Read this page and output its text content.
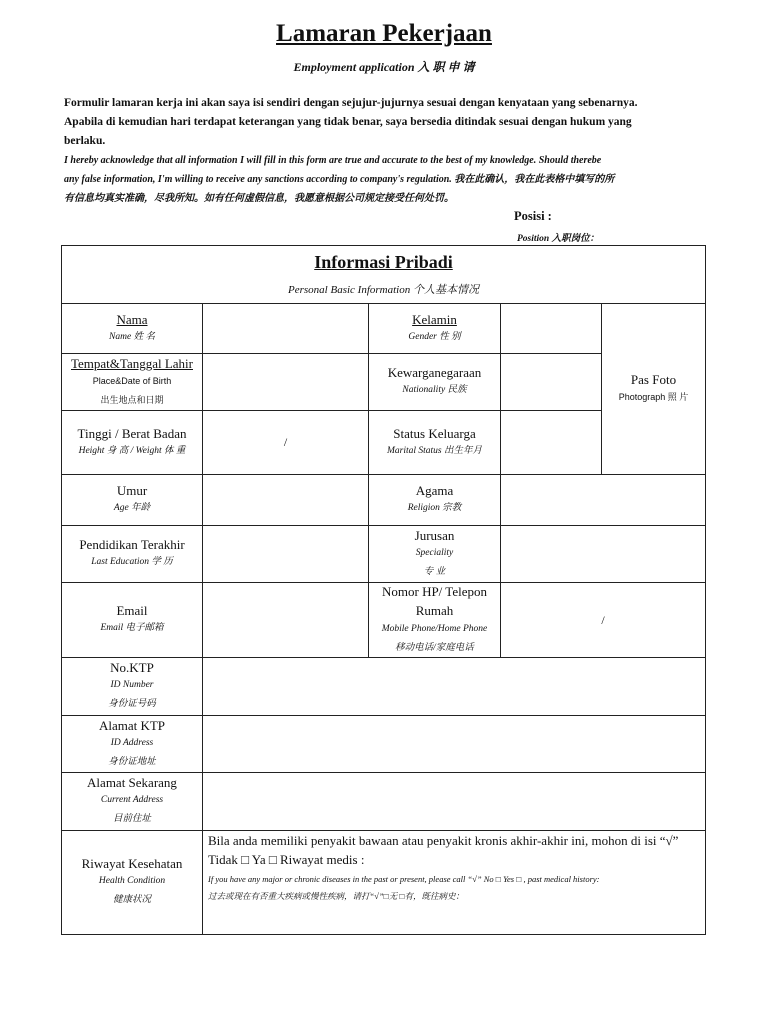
Lamaran Pekerjaan
Employment application 入 职 申 请
Formulir lamaran kerja ini akan saya isi sendiri dengan sejujur-jujurnya sesuai dengan kenyataan yang sebenarnya.
Apabila di kemudian hari terdapat keterangan yang tidak benar, saya bersedia ditindak sesuai dengan hukum yang
berlaku.
I hereby acknowledge that all information I will fill in this form are true and accurate to the best of my knowledge. Should therebe
any false information, I'm willing to receive any sanctions according to company's regulation. 我在此确认，我在此表格中填写的所
有信息均真实准确，尽我所知。如有任何虚假信息，我愿意根据公司规定接受任何处罚。
Posisi :
Position 入职岗位：
Informasi Pribadi
Personal Basic Information 个人基本情况
Nama
Name 姓 名
Kelamin
Gender 性 别
Pas Foto
Photograph 照 片
Tempat&Tanggal Lahir
Place&Date of Birth
出生地点和日期
Kewarganegaraan
Nationality 民族
Tinggi / Berat Badan
Height 身 高 / Weight 体 重
/
Status Keluarga
Marital Status 出生年月
Umur
Age 年龄
Agama
Religion 宗教
Pendidikan Terakhir
Last Education 学 历
Jurusan
Speciality
专 业
Email
Email 电子邮箱
Nomor HP/ Telepon
Rumah
Mobile Phone/Home Phone
移动电话/家庭电话
/
No.KTP
ID Number
身份证号码
Alamat KTP
ID Address
身份证地址
Alamat Sekarang
Current Address
目前住址
Riwayat Kesehatan
Health Condition
健康状况
Bila anda memiliki penyakit bawaan atau penyakit kronis akhir-akhir ini, mohon di isi “√”
Tidak □ Ya □ Riwayat medis :
If you have any major or chronic diseases in the past or present, please call “√” No □ Yes □ , past medical history:
过去或现在有否重大疾病或慢性疾病，请打“√”□无 □有，既往病史：
